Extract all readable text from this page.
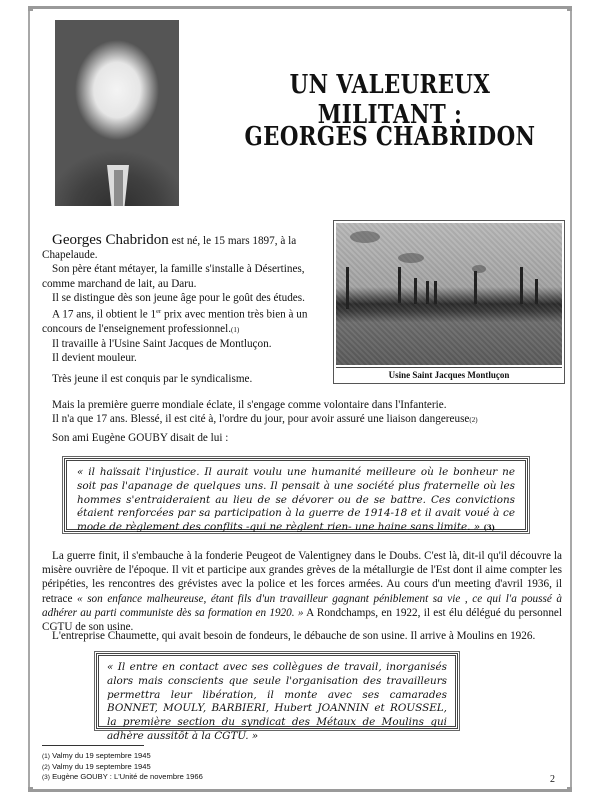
UN VALEUREUX MILITANT :
GEORGES CHABRIDON

Georges Chabridon est né, le 15 mars 1897, à la Chapelaude.

Son père étant métayer, la famille s'installe à Désertines, comme marchand de lait, au Daru.

Il se distingue dès son jeune âge pour le goût des études.

A 17 ans, il obtient le 1er prix avec mention très bien à un concours de l'enseignement professionnel.(1)

Il travaille à l'Usine Saint Jacques de Montluçon.

Il devient mouleur.

Très jeune il est conquis par le syndicalisme.	Usine Saint Jacques Montluçon

Mais la première guerre mondiale éclate, il s'engage comme volontaire dans l'Infanterie.

Il n'a que 17 ans. Blessé, il est cité à, l'ordre du jour, pour avoir assuré une liaison dangereuse(2)

Son ami Eugène GOUBY disait de lui :

« il haïssait l'injustice. Il aurait voulu une humanité meilleure où le bonheur ne soit pas l'apanage de quelques uns. Il pensait à une société plus fraternelle où les hommes s'entraideraient au lieu de se dévorer ou de se battre. Ces convictions étaient renforcées par sa participation à la guerre de 1914-18 et il avait voué à ce mode de règlement des conflits -qui ne règlent rien- une haine sans limite. » (3)

La guerre finit, il s'embauche à la fonderie Peugeot de Valentigney dans le Doubs. C'est là, dit-il qu'il découvre la misère ouvrière de l'époque. Il vit et participe aux grandes grèves de la métallurgie de l'Est dont il aime compter les péripéties, les rencontres des grévistes avec la police et les forces armées. Au cours d'un meeting d'avril 1936, il retrace « son enfance malheureuse, étant fils d'un travailleur gagnant péniblement sa vie , ce qui l'a poussé à adhérer au parti communiste dès sa formation en 1920. » A Rondchamps, en 1922, il est élu délégué du personnel CGTU de son usine.

L'entreprise Chaumette, qui avait besoin de fondeurs, le débauche de son usine. Il arrive à Moulins en 1926.

« Il entre en contact avec ses collègues de travail, inorganisés alors mais conscients que seule l'organisation des travailleurs permettra leur libération, il monte avec ses camarades BONNET, MOULY, BARBIERI, Hubert JOANNIN et ROUSSEL, la première section du syndicat des Métaux de Moulins qui adhère aussitôt à la CGTU. »
(1) Valmy du 19 septembre 1945
(2) Valmy du 19 septembre 1945
(3) Eugène GOUBY : L'Unité de novembre 1966	2
